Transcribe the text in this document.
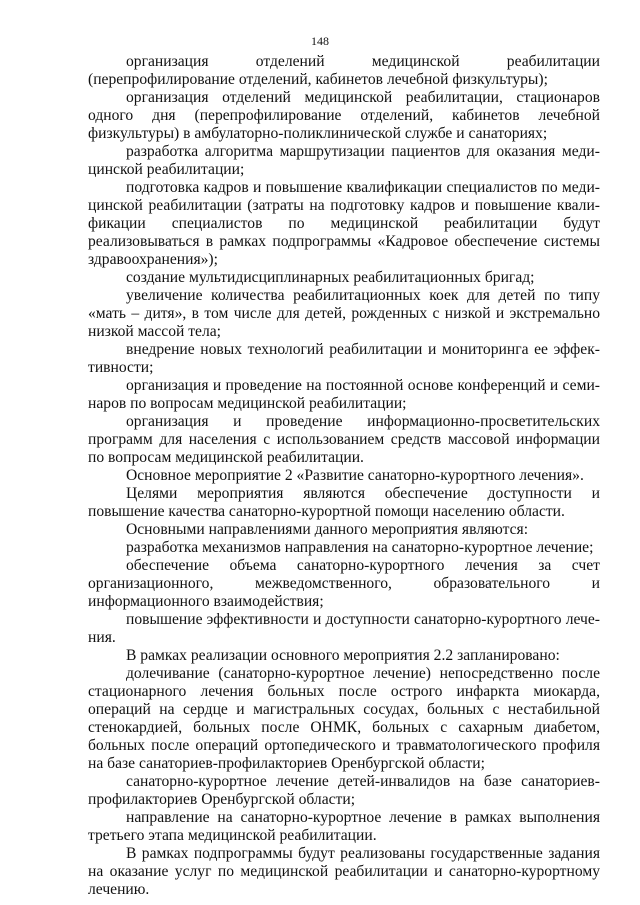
148

организация отделений медицинской реабилитации (перепрофилирование отделений, кабинетов лечебной физкультуры);

организация отделений медицинской реабилитации, стационаров одного дня (перепрофилирование отделений, кабинетов лечебной физкультуры) в амбулаторно-поликлинической службе и санаториях;

разработка алгоритма маршрутизации пациентов для оказания медицинской реабилитации;

подготовка кадров и повышение квалификации специалистов по медицинской реабилитации (затраты на подготовку кадров и повышение квалификации специалистов по медицинской реабилитации будут реализовываться в рамках подпрограммы «Кадровое обеспечение системы здравоохранения»);

создание мультидисциплинарных реабилитационных бригад;

увеличение количества реабилитационных коек для детей по типу «мать – дитя», в том числе для детей, рожденных с низкой и экстремально низкой массой тела;

внедрение новых технологий реабилитации и мониторинга ее эффективности;

организация и проведение на постоянной основе конференций и семинаров по вопросам медицинской реабилитации;

организация и проведение информационно-просветительских программ для населения с использованием средств массовой информации по вопросам медицинской реабилитации.

Основное мероприятие 2 «Развитие санаторно-курортного лечения».

Целями мероприятия являются обеспечение доступности и повышение качества санаторно-курортной помощи населению области.

Основными направлениями данного мероприятия являются:

разработка механизмов направления на санаторно-курортное лечение;

обеспечение объема санаторно-курортного лечения за счет организационного, межведомственного, образовательного и информационного взаимодействия;

повышение эффективности и доступности санаторно-курортного лечения.

В рамках реализации основного мероприятия 2.2 запланировано:

долечивание (санаторно-курортное лечение) непосредственно после стационарного лечения больных после острого инфаркта миокарда, операций на сердце и магистральных сосудах, больных с нестабильной стенокардией, больных после ОНМК, больных с сахарным диабетом, больных после операций ортопедического и травматологического профиля на базе санаториев-профилакториев Оренбургской области;

санаторно-курортное лечение детей-инвалидов на базе санаториев-профилакториев Оренбургской области;

направление на санаторно-курортное лечение в рамках выполнения третьего этапа медицинской реабилитации.

В рамках подпрограммы будут реализованы государственные задания на оказание услуг по медицинской реабилитации и санаторно-курортному лечению.
